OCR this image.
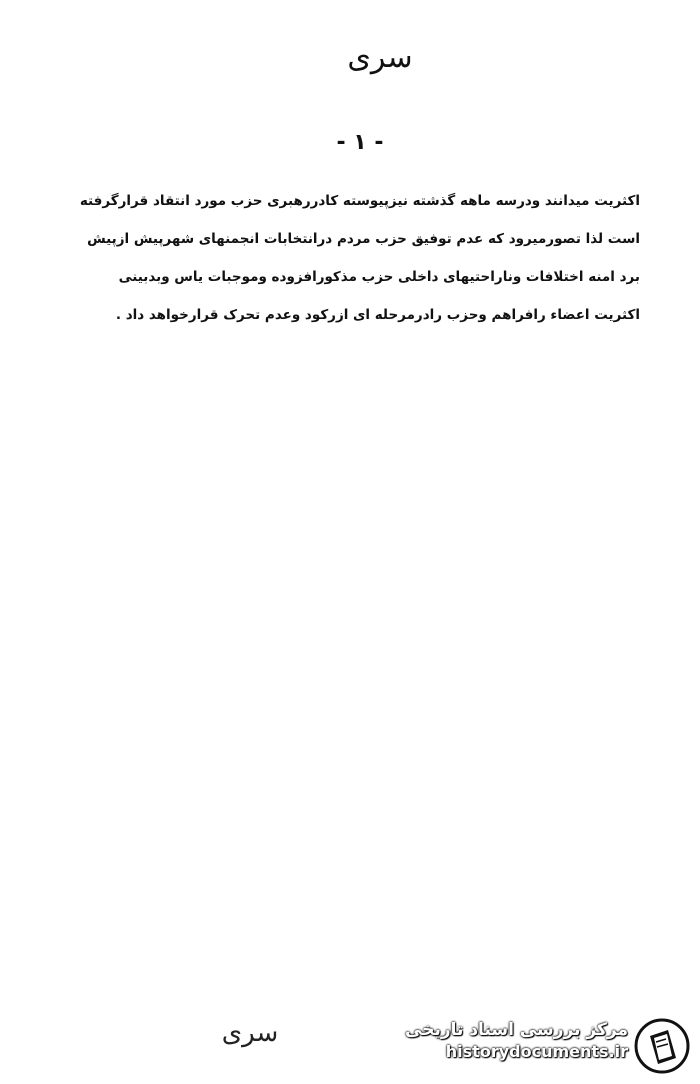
سری
- ۱ -
اکثریت میدانند ودرسه ماهه گذشته نیزپیوسته کادررهبری حزب مورد انتقاد قرارگرفته
است لذا تصورمیرود که عدم توفیق حزب مردم درانتخابات انجمنهای شهرپیش ازپیش
برد امنه اختلافات وناراحتیهای داخلی حزب مذکورافزوده وموجبات یاس وبدبینی
اکثریت اعضاء رافراهم وحزب رادرمرحله ای ازرکود وعدم تحرک قرارخواهد داد .
سری	مرکز بررسی اسناد تاریخی
historydocuments.ir
